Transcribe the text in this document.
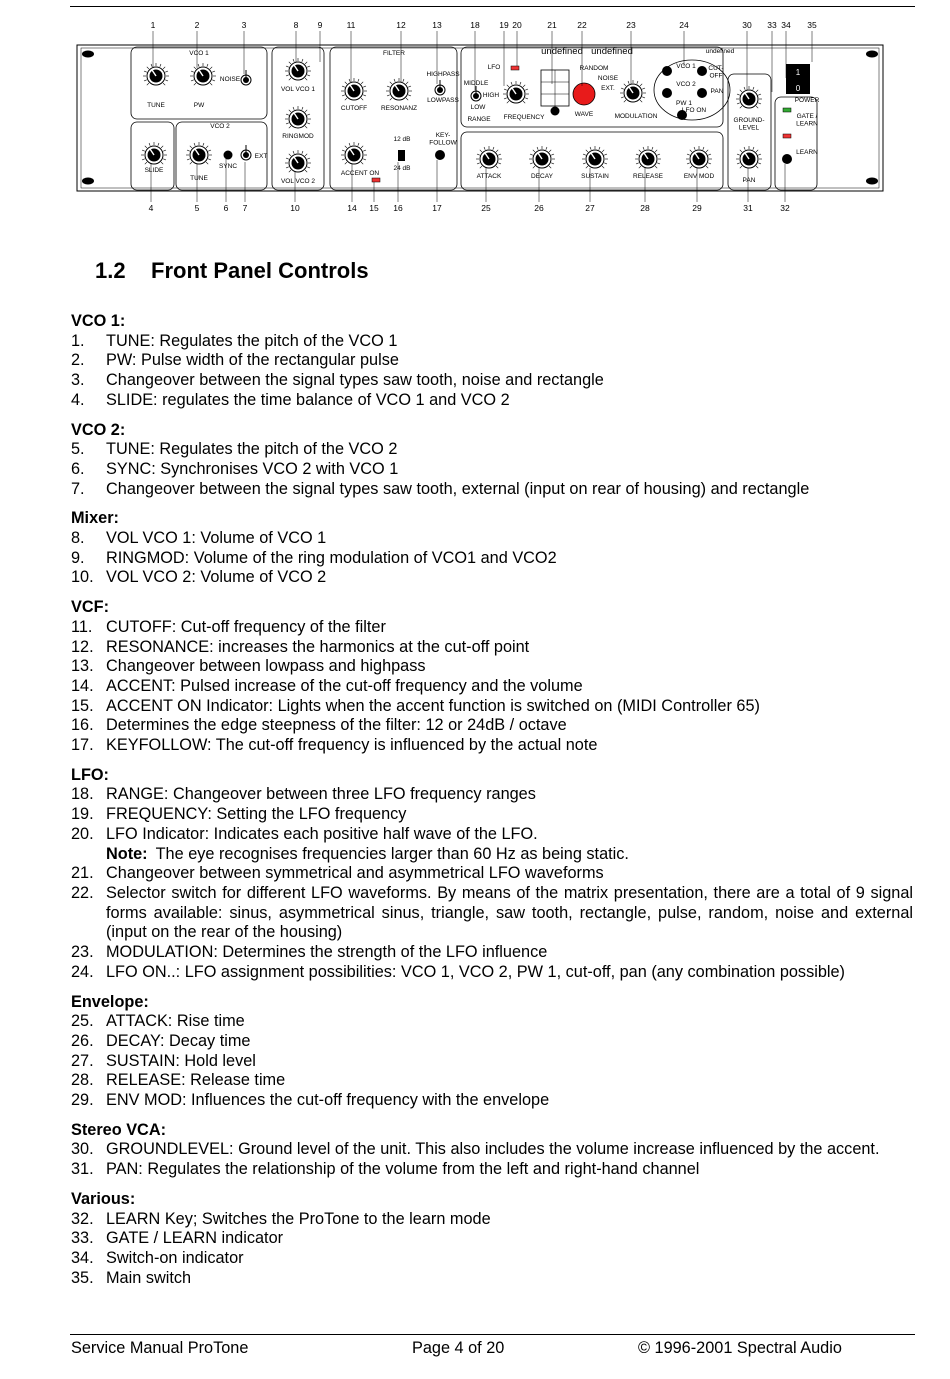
1
0
VCO 1
TUNE	PW
NOISE
SLIDE
VCO 2
TUNE
SYNC
EXT
VOL VCO 1
RINGMOD
VOL VCO 2
FILTER
CUTOFF RESONANZ
HIGHPASS
LOWPASS
12 dB
24 dB
KEY-
FOLLOW
ACCENT ON
LFO
MIDDLE
HIGH
LOW
RANGE FREQUENCY
RANDOM
NOISE
EXT.
WAVE	MODULATION
undefined undefined	undefined
VCO 1
VCO 2
PW 1
LFO ON
CUT-
OFF
PAN
ATTACK	DECAY	SUSTAIN	RELEASE	ENV MOD
GROUND-
LEVEL
PAN
POWER
GATE /
LEARN
LEARN
1	2	3	8 9	11	12	13	18 19 20	21 22	23	24	30 33 34 35
4	5	6 7	10	14 15 16	17	25	26	27	28	29	31	32
1.2 Front Panel Controls
VCO 1:
1.	TUNE: Regulates the pitch of the VCO 1
2.	PW: Pulse width of the rectangular pulse
3.	Changeover between the signal types saw tooth, noise and rectangle
4.	SLIDE: regulates the time balance of VCO 1 and VCO 2
VCO 2:
5.	TUNE: Regulates the pitch of the VCO 2
6.	SYNC: Synchronises VCO 2 with VCO 1
7.	Changeover between the signal types saw tooth, external (input on rear of housing) and rectangle
Mixer:
8.	VOL VCO 1: Volume of VCO 1
9.	RINGMOD: Volume of the ring modulation of VCO1 and VCO2
10. VOL VCO 2: Volume of VCO 2
VCF:
11. CUTOFF: Cut-off frequency of the filter
12. RESONANCE: increases the harmonics at the cut-off point
13. Changeover between lowpass and highpass
14. ACCENT: Pulsed increase of the cut-off frequency and the volume
15. ACCENT ON Indicator: Lights when the accent function is switched on (MIDI Controller 65)
16. Determines the edge steepness of the filter: 12 or 24dB / octave
17. KEYFOLLOW: The cut-off frequency is influenced by the actual note
LFO:
18. RANGE: Changeover between three LFO frequency ranges
19. FREQUENCY: Setting the LFO frequency
20. LFO Indicator: Indicates each positive half wave of the LFO.
Note: The eye recognises frequencies larger than 60 Hz as being static.
21. Changeover between symmetrical and asymmetrical LFO waveforms
22. Selector switch for different LFO waveforms. By means of the matrix presentation, there are a total of 9 signal forms available: sinus, asymmetrical sinus, triangle, saw tooth, rectangle, pulse, random, noise and external (input on the rear of the housing)
23. MODULATION: Determines the strength of the LFO influence
24. LFO ON..: LFO assignment possibilities: VCO 1, VCO 2, PW 1, cut-off, pan (any combination possible)
Envelope:
25. ATTACK: Rise time
26. DECAY: Decay time
27. SUSTAIN: Hold level
28. RELEASE: Release time
29. ENV MOD: Influences the cut-off frequency with the envelope
Stereo VCA:
30. GROUNDLEVEL: Ground level of the unit. This also includes the volume increase influenced by the accent.
31. PAN: Regulates the relationship of the volume from the left and right-hand channel
Various:
32. LEARN Key; Switches the ProTone to the learn mode
33. GATE / LEARN indicator
34. Switch-on indicator
35. Main switch
Service Manual ProTone	Page 4 of 20	© 1996-2001 Spectral Audio
